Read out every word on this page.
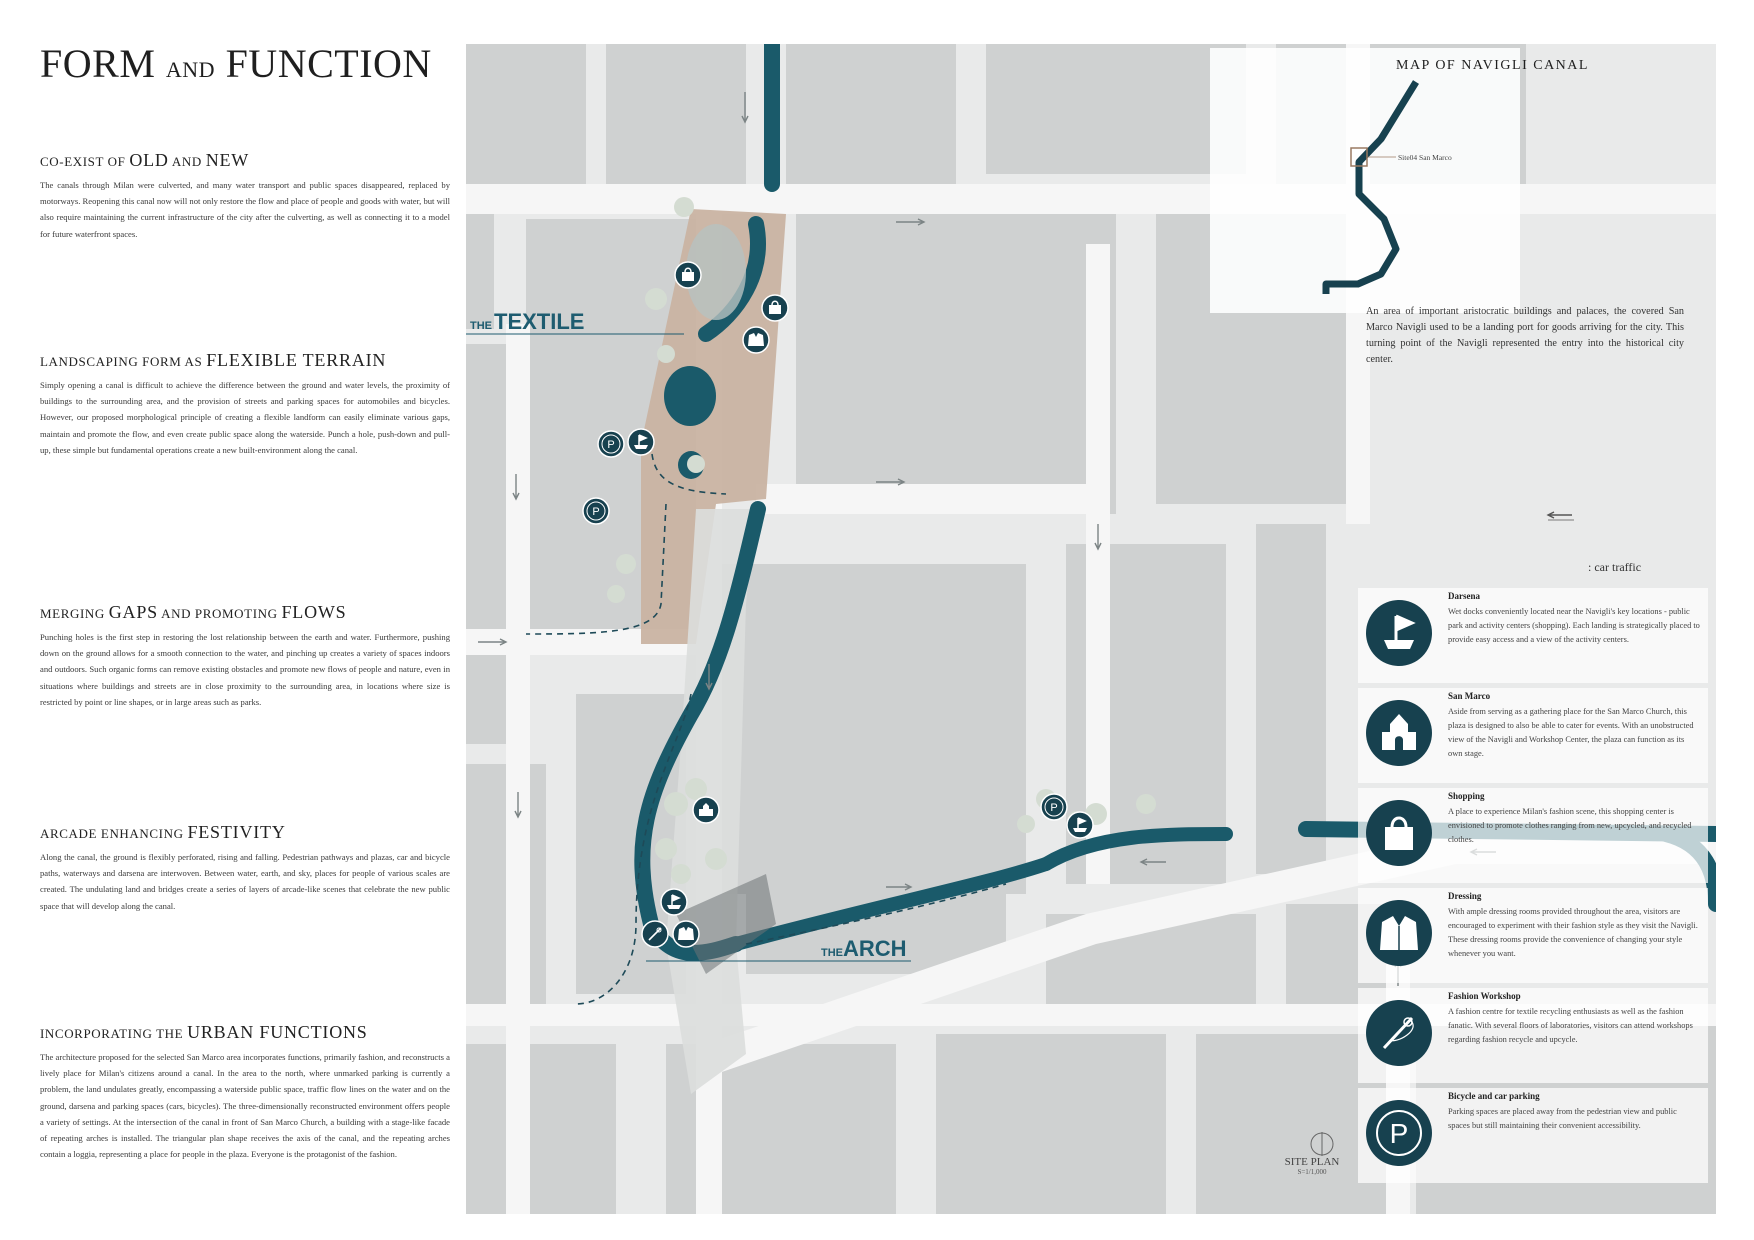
FORM AND FUNCTION
CO-EXIST OF OLD AND NEW

The canals through Milan were culverted, and many water transport and public spaces disappeared, replaced by motorways. Reopening this canal now will not only restore the flow and place of people and goods with water, but will also require maintaining the current infrastructure of the city after the culverting, as well as connecting it to a model for future waterfront spaces.

LANDSCAPING FORM AS FLEXIBLE TERRAIN

Simply opening a canal is difficult to achieve the difference between the ground and water levels, the proximity of buildings to the surrounding area, and the provision of streets and parking spaces for automobiles and bicycles. However, our proposed morphological principle of creating a flexible landform can easily eliminate various gaps, maintain and promote the flow, and even create public space along the waterside. Punch a hole, push-down and pull-up, these simple but fundamental operations create a new built-environment along the canal.

MERGING GAPS AND PROMOTING FLOWS

Punching holes is the first step in restoring the lost relationship between the earth and water. Furthermore, pushing down on the ground allows for a smooth connection to the water, and pinching up creates a variety of spaces indoors and outdoors. Such organic forms can remove existing obstacles and promote new flows of people and nature, even in situations where buildings and streets are in close proximity to the surrounding area, in locations where size is restricted by point or line shapes, or in large areas such as parks.

ARCADE ENHANCING FESTIVITY

Along the canal, the ground is flexibly perforated, rising and falling. Pedestrian pathways and plazas, car and bicycle paths, waterways and darsena are interwoven. Between water, earth, and sky, places for people of various scales are created. The undulating land and bridges create a series of layers of arcade-like scenes that celebrate the new public space that will develop along the canal.

INCORPORATING THE URBAN FUNCTIONS

The architecture proposed for the selected San Marco area incorporates functions, primarily fashion, and reconstructs a lively place for Milan's citizens around a canal. In the area to the north, where unmarked parking is currently a problem, the land undulates greatly, encompassing a waterside public space, traffic flow lines on the water and on the ground, darsena and parking spaces (cars, bicycles). The three-dimensionally reconstructed environment offers people a variety of settings. At the intersection of the canal in front of San Marco Church, a building with a stage-like facade of repeating arches is installed. The triangular plan shape receives the axis of the canal, and the repeating arches contain a loggia, representing a place for people in the plaza. Everyone is the protagonist of the fashion.

THE TEXTILE
THE ARCH
Site04 San Marco
P
P
P
MAP OF NAVIGLI CANAL
An area of important aristocratic buildings and palaces, the covered San Marco Navigli used to be a landing port for goods arriving for the city. This turning point of the Navigli represented the entry into the historical city center.
: car traffic
SITE PLAN
S=1/1,000
Darsena

Wet docks conveniently located near the Navigli's key locations - public park and activity centers (shopping). Each landing is strategically placed to provide easy access and a view of the activity centers.

San Marco

Aside from serving as a gathering place for the San Marco Church, this plaza is designed to also be able to cater for events. With an unobstructed view of the Navigli and Workshop Center, the plaza can function as its own stage.

Shopping

A place to experience Milan's fashion scene, this shopping center is envisioned to promote clothes ranging from new, upcycled, and recycled clothes.

Dressing

With ample dressing rooms provided throughout the area, visitors are encouraged to experiment with their fashion style as they visit the Navigli. These dressing rooms provide the convenience of changing your style whenever you want.

Fashion Workshop

A fashion centre for textile recycling enthusiasts as well as the fashion fanatic. With several floors of laboratories, visitors can attend workshops regarding fashion recycle and upcycle.

P
Bicycle and car parking

Parking spaces are placed away from the pedestrian view and public spaces but still maintaining their convenient accessibility.
